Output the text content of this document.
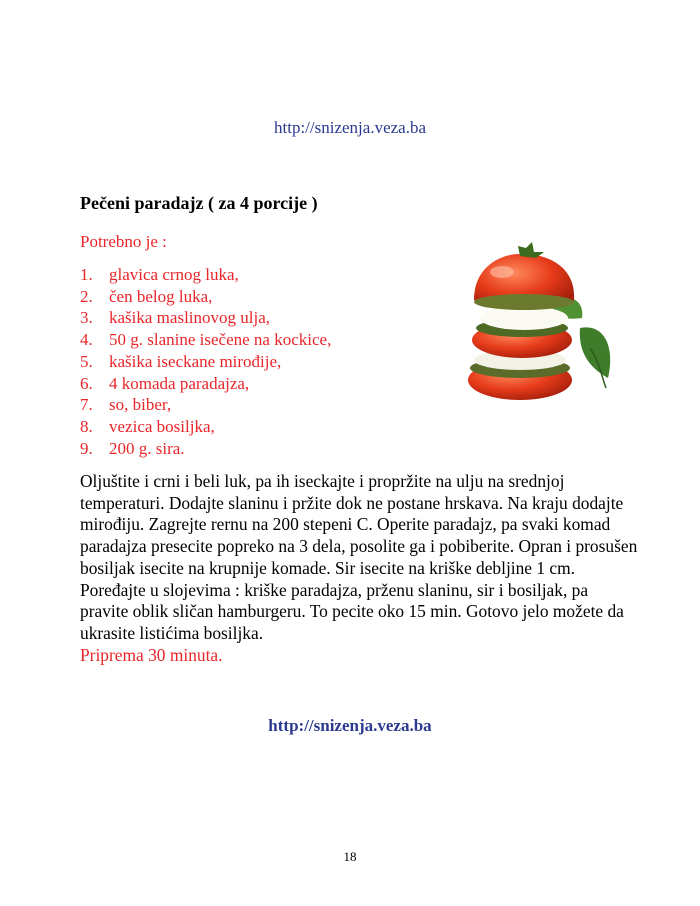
http://snizenja.veza.ba
Pečeni paradajz ( za 4 porcije )
Potrebno je :
1. glavica crnog luka,
2. čen belog luka,
3. kašika maslinovog ulja,
4. 50 g. slanine isečene na kockice,
5. kašika iseckane mirođije,
6. 4 komada paradajza,
7. so, biber,
8. vezica bosiljka,
9. 200 g. sira.

Oljuštite i crni i beli luk, pa ih iseckajte i propržite na ulju na srednjoj temperaturi. Dodajte slaninu i pržite dok ne postane hrskava. Na kraju dodajte mirođiju. Zagrejte rernu na 200 stepeni C. Operite paradajz, pa svaki komad paradajza presecite popreko na 3 dela, posolite ga i pobiberite. Opran i prosušen bosiljak isecite na krupnije komade. Sir isecite na kriške debljine 1 cm. Poređajte u slojevima : kriške paradajza, prženu slaninu, sir i bosiljak, pa pravite oblik sličan hamburgeru. To pecite oko 15 min. Gotovo jelo možete da ukrasite listićima bosiljka.
Priprema 30 minuta.

http://snizenja.veza.ba
18
